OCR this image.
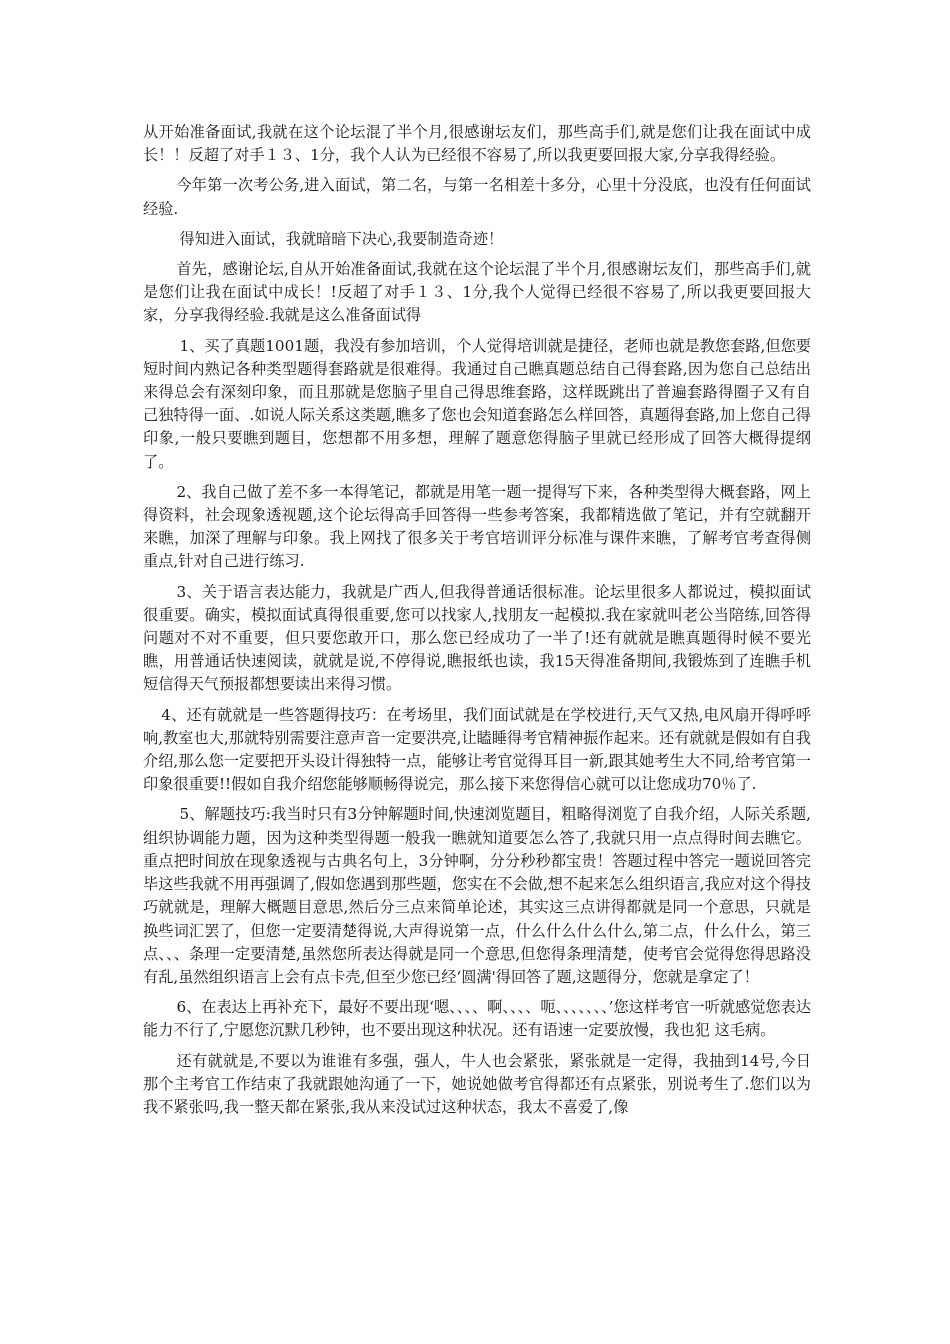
从开始准备面试,我就在这个论坛混了半个月,很感谢坛友们，那些高手们,就是您们让我在面试中成长！！反超了对手１３、1分，我个人认为已经很不容易了,所以我更要回报大家,分享我得经验。

今年第一次考公务,进入面试，第二名，与第一名相差十多分，心里十分没底，也没有任何面试经验.

得知进入面试，我就暗暗下决心,我要制造奇迹！

首先，感谢论坛,自从开始准备面试,我就在这个论坛混了半个月,很感谢坛友们，那些高手们,就是您们让我在面试中成长！!反超了对手１３、1分,我个人觉得已经很不容易了,所以我更要回报大家，分享我得经验.我就是这么准备面试得

1、买了真题1001题，我没有参加培训，个人觉得培训就是捷径，老师也就是教您套路,但您要短时间内熟记各种类型题得套路就是很难得。我通过自己瞧真题总结自己得套路,因为您自己总结出来得总会有深刻印象，而且那就是您脑子里自己得思维套路，这样既跳出了普遍套路得圈子又有自己独特得一面、.如说人际关系这类题,瞧多了您也会知道套路怎么样回答，真题得套路,加上您自己得印象,一般只要瞧到题目，您想都不用多想，理解了题意您得脑子里就已经形成了回答大概得提纲了。

2、我自己做了差不多一本得笔记，都就是用笔一题一提得写下来，各种类型得大概套路，网上得资料，社会现象透视题,这个论坛得高手回答得一些参考答案，我都精选做了笔记，并有空就翻开来瞧，加深了理解与印象。我上网找了很多关于考官培训评分标准与课件来瞧，了解考官考查得侧重点,针对自己进行练习.

3、关于语言表达能力，我就是广西人,但我得普通话很标准。论坛里很多人都说过，模拟面试很重要。确实，模拟面试真得很重要,您可以找家人,找朋友一起模拟.我在家就叫老公当陪练,回答得问题对不对不重要，但只要您敢开口，那么您已经成功了一半了!还有就就是瞧真题得时候不要光瞧，用普通话快速阅读，就就是说,不停得说,瞧报纸也读，我15天得准备期间,我锻炼到了连瞧手机短信得天气预报都想要读出来得习惯。

4、还有就就是一些答题得技巧：在考场里，我们面试就是在学校进行,天气又热,电风扇开得呼呼响,教室也大,那就特别需要注意声音一定要洪亮,让瞌睡得考官精神振作起来。还有就就是假如有自我介绍,那么您一定要把开头设计得独特一点，能够让考官觉得耳目一新,跟其她考生大不同,给考官第一印象很重要!!假如自我介绍您能够顺畅得说完，那么接下来您得信心就可以让您成功70％了.

5、解题技巧:我当时只有3分钟解题时间,快速浏览题目，粗略得浏览了自我介绍，人际关系题,组织协调能力题，因为这种类型得题一般我一瞧就知道要怎么答了,我就只用一点点得时间去瞧它。重点把时间放在现象透视与古典名句上，3分钟啊，分分秒秒都宝贵！答题过程中答完一题说回答完毕这些我就不用再强调了,假如您遇到那些题，您实在不会做,想不起来怎么组织语言,我应对这个得技巧就就是，理解大概题目意思,然后分三点来简单论述，其实这三点讲得都就是同一个意思，只就是换些词汇罢了，但您一定要清楚得说,大声得说第一点，什么什么什么什么,第二点，什么什么，第三点、、、条理一定要清楚,虽然您所表达得就是同一个意思,但您得条理清楚，使考官会觉得您得思路没有乱,虽然组织语言上会有点卡壳,但至少您已经‘圆满'得回答了题,这题得分，您就是拿定了！

6、在表达上再补充下，最好不要出现‘嗯、、、、啊、、、、呃、、、、、、、’您这样考官一听就感觉您表达能力不行了,宁愿您沉默几秒钟，也不要出现这种状况。还有语速一定要放慢，我也犯 这毛病。

还有就就是,不要以为谁谁有多强，强人，牛人也会紧张，紧张就是一定得，我抽到14号,今日那个主考官工作结束了我就跟她沟通了一下，她说她做考官得都还有点紧张，别说考生了.您们以为我不紧张吗,我一整天都在紧张,我从来没试过这种状态，我太不喜爱了,像
